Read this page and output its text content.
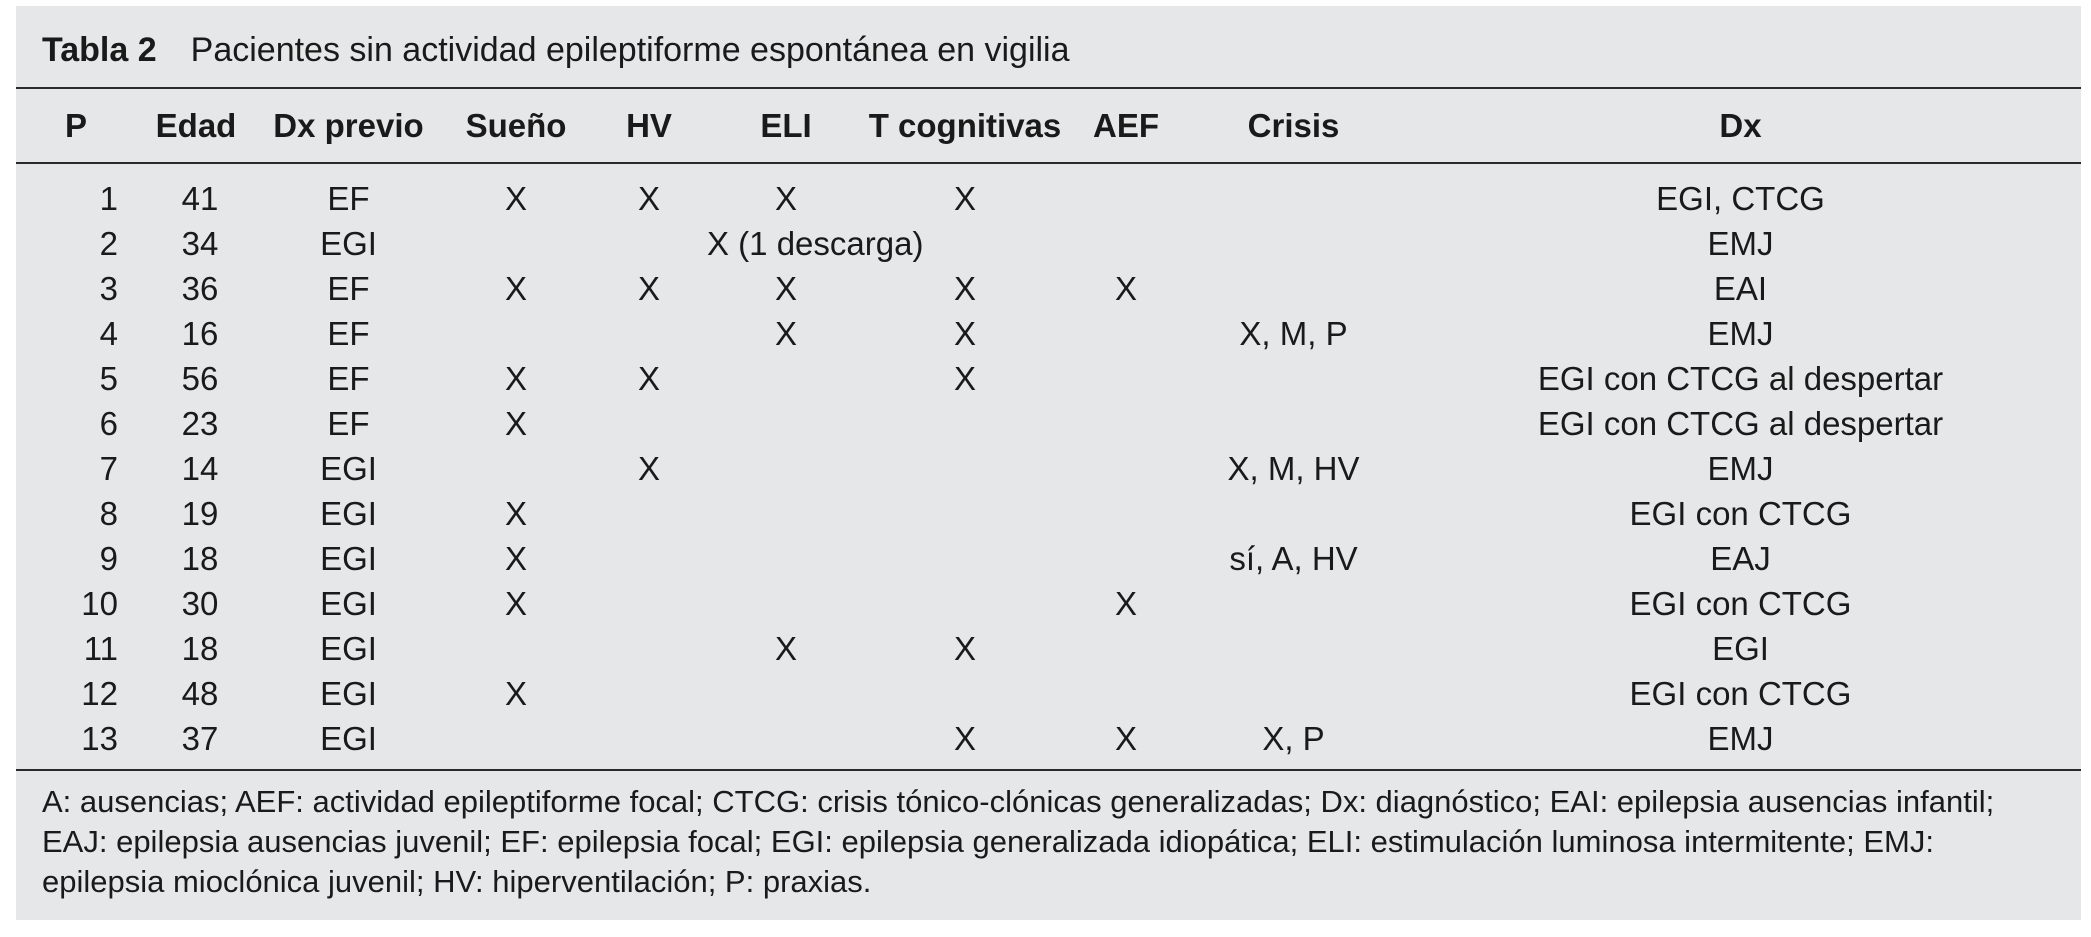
Tabla 2 Pacientes sin actividad epileptiforme espontánea en vigilia
P	Edad	Dx previo	Sueño	HV	ELI	T cognitivas	AEF	Crisis	Dx
1	41	EF	X	X	X	X			EGI, CTCG
2	34	EGI			X (1 descarga)				EMJ
3	36	EF	X	X	X	X	X		EAI
4	16	EF			X	X		X, M, P	EMJ
5	56	EF	X	X		X			EGI con CTCG al despertar
6	23	EF	X						EGI con CTCG al despertar
7	14	EGI		X				X, M, HV	EMJ
8	19	EGI	X						EGI con CTCG
9	18	EGI	X					sí, A, HV	EAJ
10	30	EGI	X				X		EGI con CTCG
11	18	EGI			X	X			EGI
12	48	EGI	X						EGI con CTCG
13	37	EGI				X	X	X, P	EMJ
A: ausencias; AEF: actividad epileptiforme focal; CTCG: crisis tónico-clónicas generalizadas; Dx: diagnóstico; EAI: epilepsia ausencias infantil; EAJ: epilepsia ausencias juvenil; EF: epilepsia focal; EGI: epilepsia generalizada idiopática; ELI: estimulación luminosa intermitente; EMJ: epilepsia mioclónica juvenil; HV: hiperventilación; P: praxias.
